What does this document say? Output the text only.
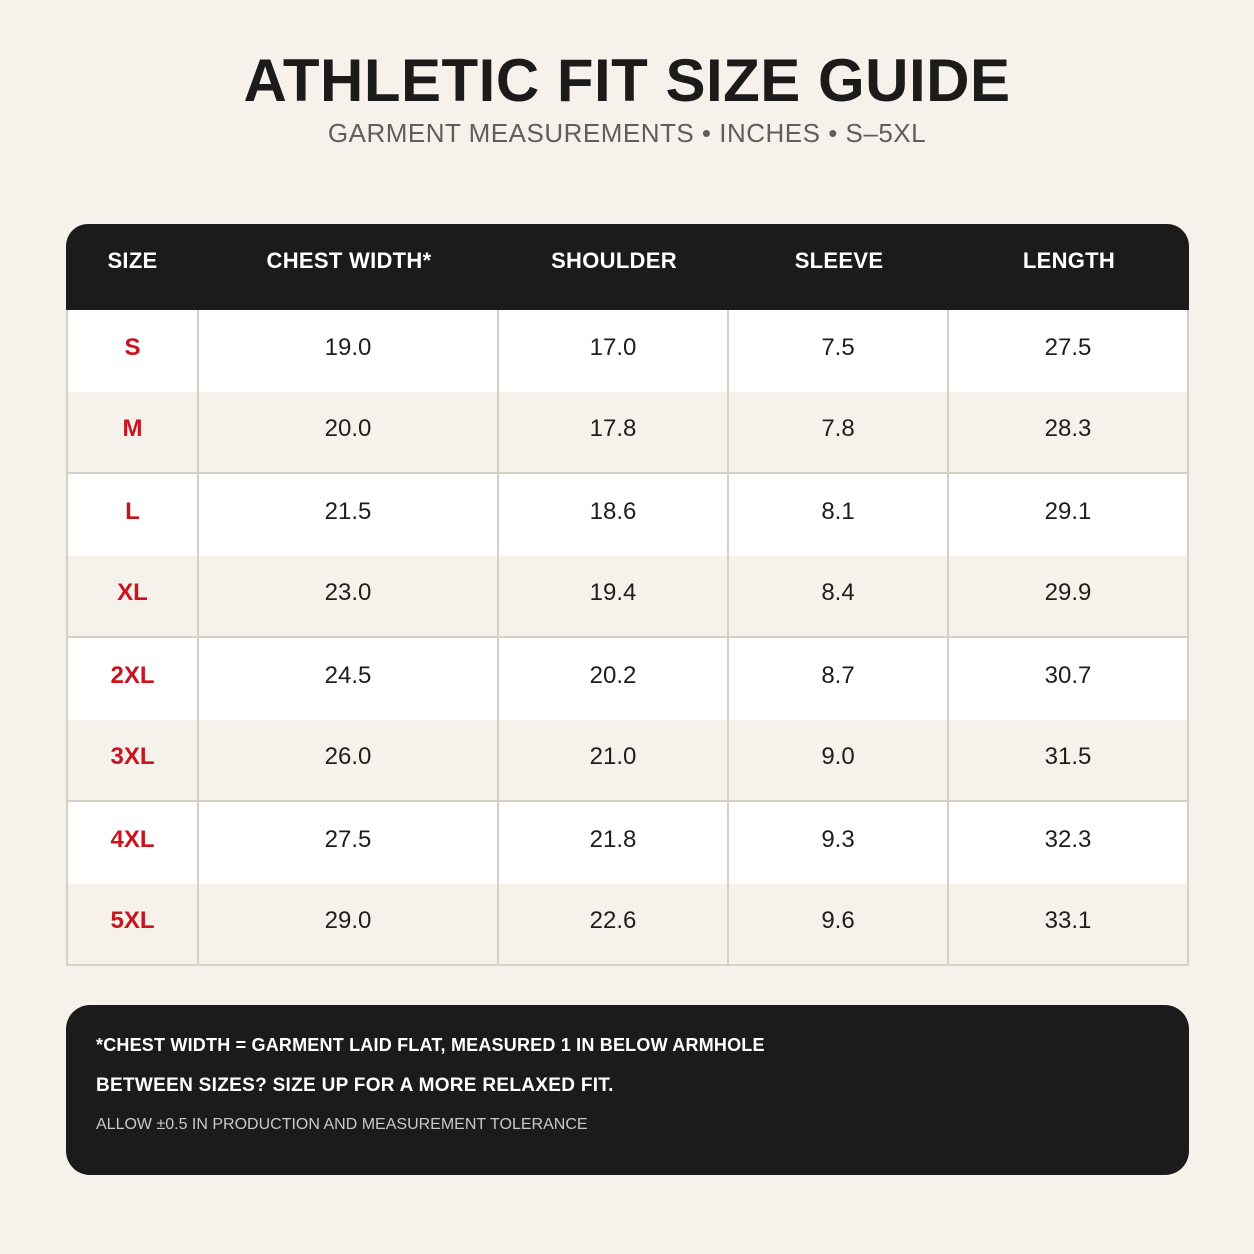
ATHLETIC FIT SIZE GUIDE
GARMENT MEASUREMENTS • INCHES • S–5XL
SIZE	CHEST WIDTH*	SHOULDER	SLEEVE	LENGTH
S	19.0	17.0	7.5	27.5
M	20.0	17.8	7.8	28.3
L	21.5	18.6	8.1	29.1
XL	23.0	19.4	8.4	29.9
2XL	24.5	20.2	8.7	30.7
3XL	26.0	21.0	9.0	31.5
4XL	27.5	21.8	9.3	32.3
5XL	29.0	22.6	9.6	33.1
*CHEST WIDTH = GARMENT LAID FLAT, MEASURED 1 IN BELOW ARMHOLE
BETWEEN SIZES? SIZE UP FOR A MORE RELAXED FIT.
ALLOW ±0.5 IN PRODUCTION AND MEASUREMENT TOLERANCE
